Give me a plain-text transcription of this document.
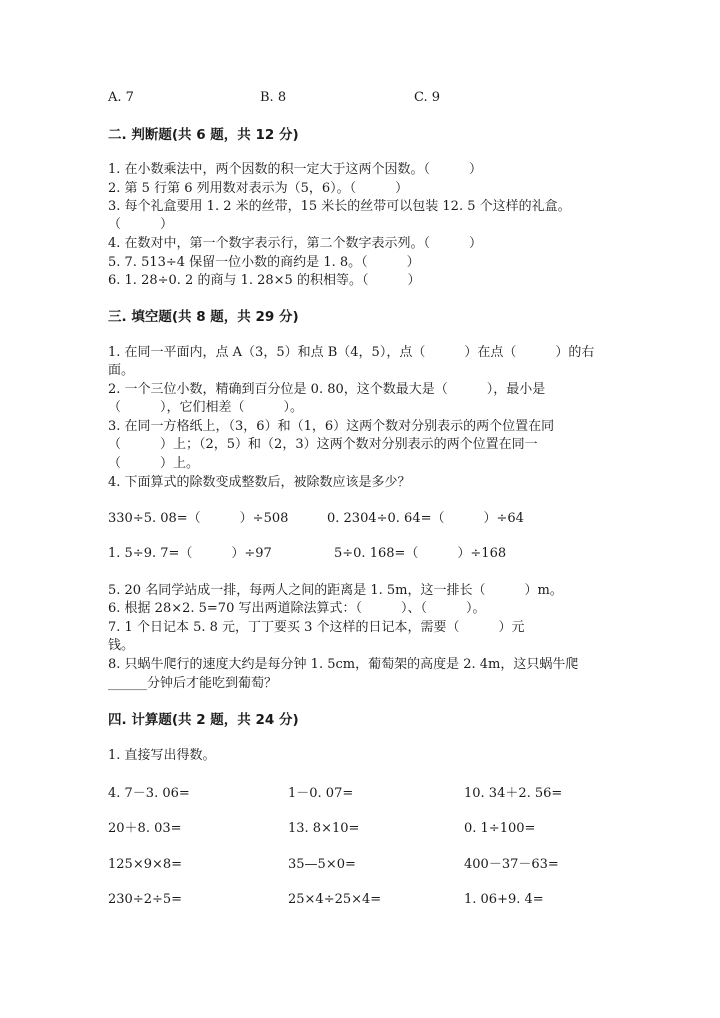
A. 7	B. 8	C. 9
二. 判断题(共 6 题，共 12 分)
1. 在小数乘法中，两个因数的积一定大于这两个因数。（　　　）
2. 第 5 行第 6 列用数对表示为（5，6）。（　　　）
3. 每个礼盒要用 1. 2 米的丝带，15 米长的丝带可以包装 12. 5 个这样的礼盒。
（　　　）
4. 在数对中，第一个数字表示行，第二个数字表示列。（　　　）
5. 7. 513÷4 保留一位小数的商约是 1. 8。（　　　）
6. 1. 28÷0. 2 的商与 1. 28×5 的积相等。（　　　）
三. 填空题(共 8 题，共 29 分)
1. 在同一平面内，点 A（3，5）和点 B（4，5），点（　　　）在点（　　　）的右
面。
2. 一个三位小数，精确到百分位是 0. 80，这个数最大是（　　　），最小是
（　　　），它们相差（　　　）。
3. 在同一方格纸上，（3，6）和（1，6）这两个数对分别表示的两个位置在同
（　　　）上；（2，5）和（2，3）这两个数对分别表示的两个位置在同一
（　　　）上。
4. 下面算式的除数变成整数后，被除数应该是多少？
330÷5. 08=（　　　）÷508	0. 2304÷0. 64=（　　　）÷64
1. 5÷9. 7=（　　　）÷97	5÷0. 168=（　　　）÷168
5. 20 名同学站成一排，每两人之间的距离是 1. 5m，这一排长（　　　）m。
6. 根据 28×2. 5=70 写出两道除法算式：（　　　）、（　　　）。
7. 1 个日记本 5. 8 元，丁丁要买 3 个这样的日记本，需要（　　　）元
钱。
8. 只蜗牛爬行的速度大约是每分钟 1. 5cm，葡萄架的高度是 2. 4m，这只蜗牛爬
______分钟后才能吃到葡萄？
四. 计算题(共 2 题，共 24 分)
1. 直接写出得数。
4. 7－3. 06=	1－0. 07=	10. 34＋2. 56=
20＋8. 03=	13. 8×10=	0. 1÷100=
125×9×8=	35—5×0=	400－37－63=
230÷2÷5=	25×4÷25×4=	1. 06+9. 4=
